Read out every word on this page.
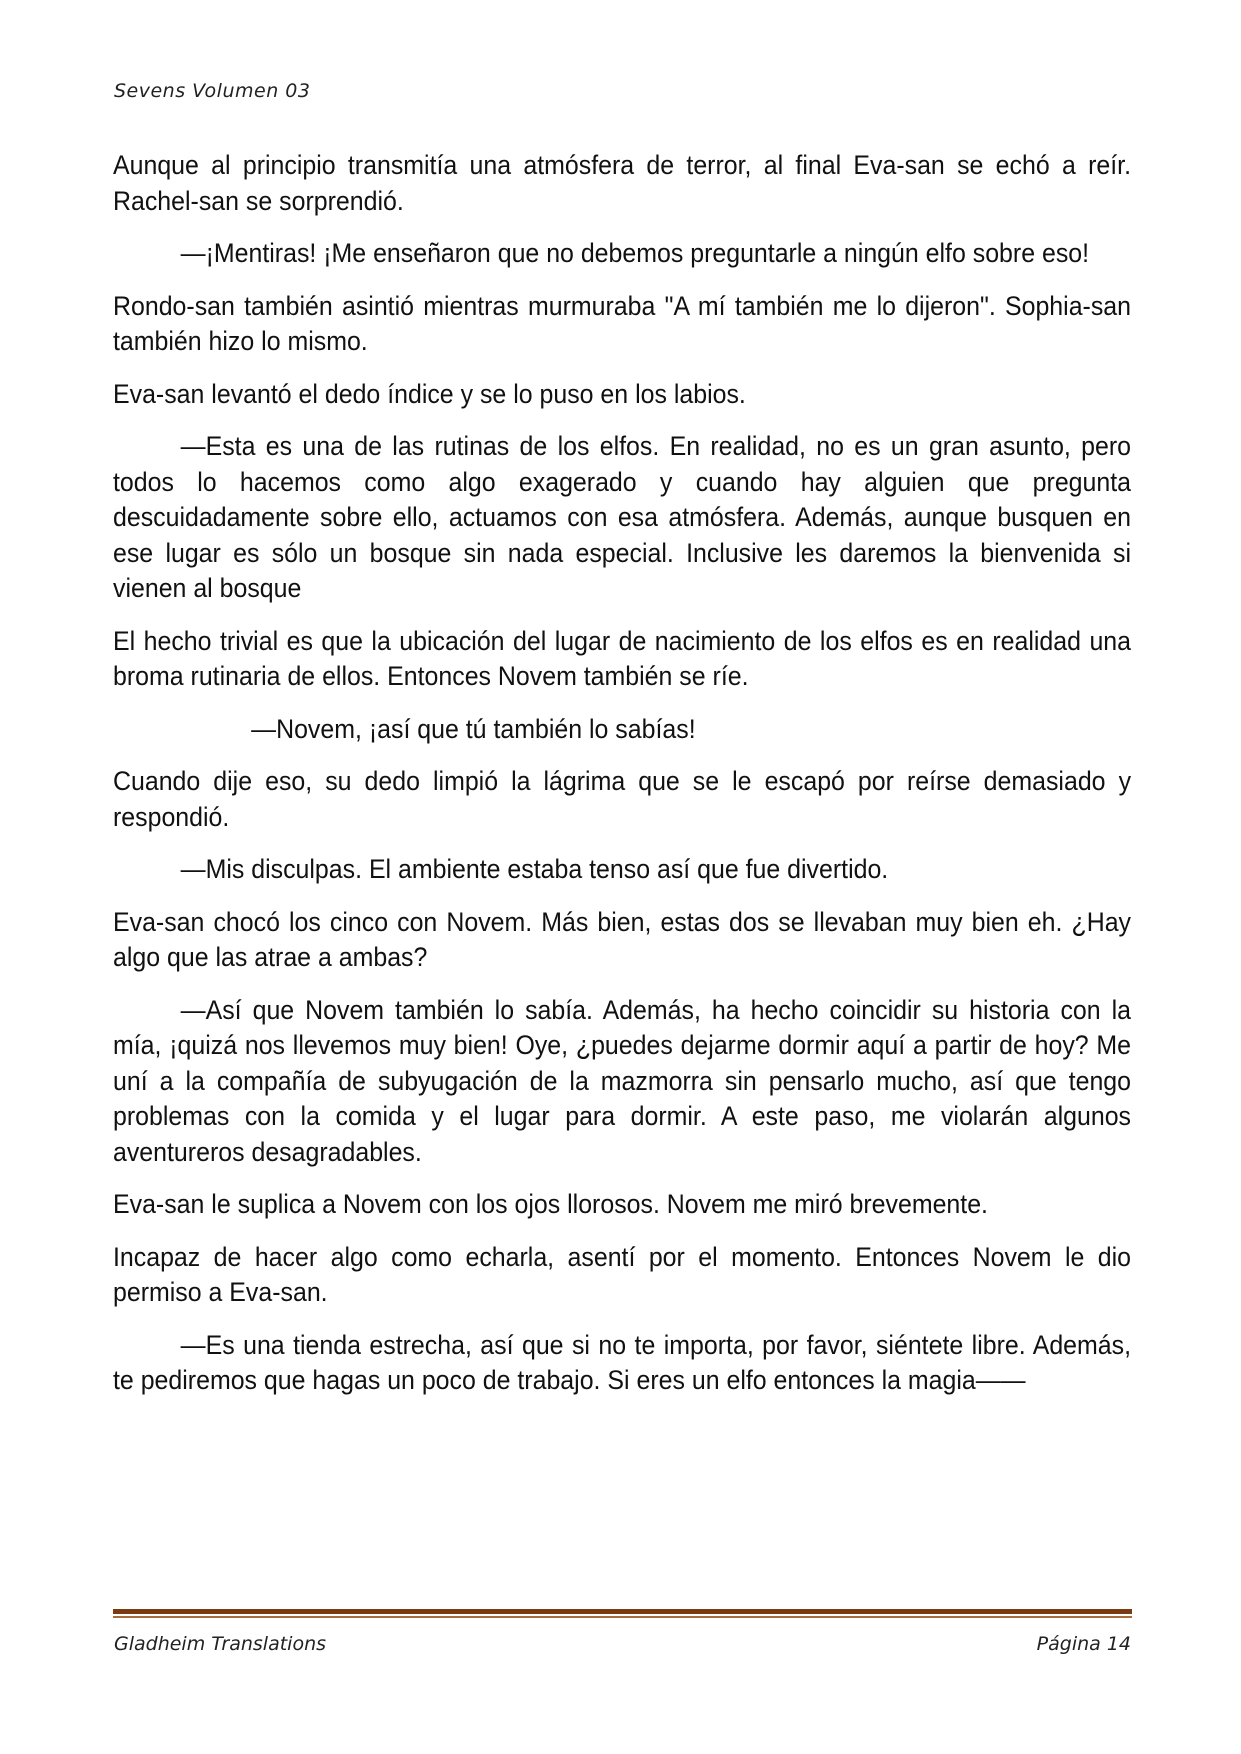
Sevens Volumen 03

Aunque al principio transmitía una atmósfera de terror, al final Eva-san se echó a reír. Rachel-san se sorprendió.

—¡Mentiras! ¡Me enseñaron que no debemos preguntarle a ningún elfo sobre eso!

Rondo-san también asintió mientras murmuraba "A mí también me lo dijeron". Sophia-san también hizo lo mismo.

Eva-san levantó el dedo índice y se lo puso en los labios.

—Esta es una de las rutinas de los elfos. En realidad, no es un gran asunto, pero todos lo hacemos como algo exagerado y cuando hay alguien que pregunta descuidadamente sobre ello, actuamos con esa atmósfera. Además, aunque busquen en ese lugar es sólo un bosque sin nada especial. Inclusive les daremos la bienvenida si vienen al bosque

El hecho trivial es que la ubicación del lugar de nacimiento de los elfos es en realidad una broma rutinaria de ellos. Entonces Novem también se ríe.

—Novem, ¡así que tú también lo sabías!

Cuando dije eso, su dedo limpió la lágrima que se le escapó por reírse demasiado y respondió.

—Mis disculpas. El ambiente estaba tenso así que fue divertido.

Eva-san chocó los cinco con Novem. Más bien, estas dos se llevaban muy bien eh. ¿Hay algo que las atrae a ambas?

—Así que Novem también lo sabía. Además, ha hecho coincidir su historia con la mía, ¡quizá nos llevemos muy bien! Oye, ¿puedes dejarme dormir aquí a partir de hoy? Me uní a la compañía de subyugación de la mazmorra sin pensarlo mucho, así que tengo problemas con la comida y el lugar para dormir. A este paso, me violarán algunos aventureros desagradables.

Eva-san le suplica a Novem con los ojos llorosos. Novem me miró brevemente.

Incapaz de hacer algo como echarla, asentí por el momento. Entonces Novem le dio permiso a Eva-san.

—Es una tienda estrecha, así que si no te importa, por favor, siéntete libre. Además, te pediremos que hagas un poco de trabajo. Si eres un elfo entonces la magia——

Gladheim Translations	Página 14
